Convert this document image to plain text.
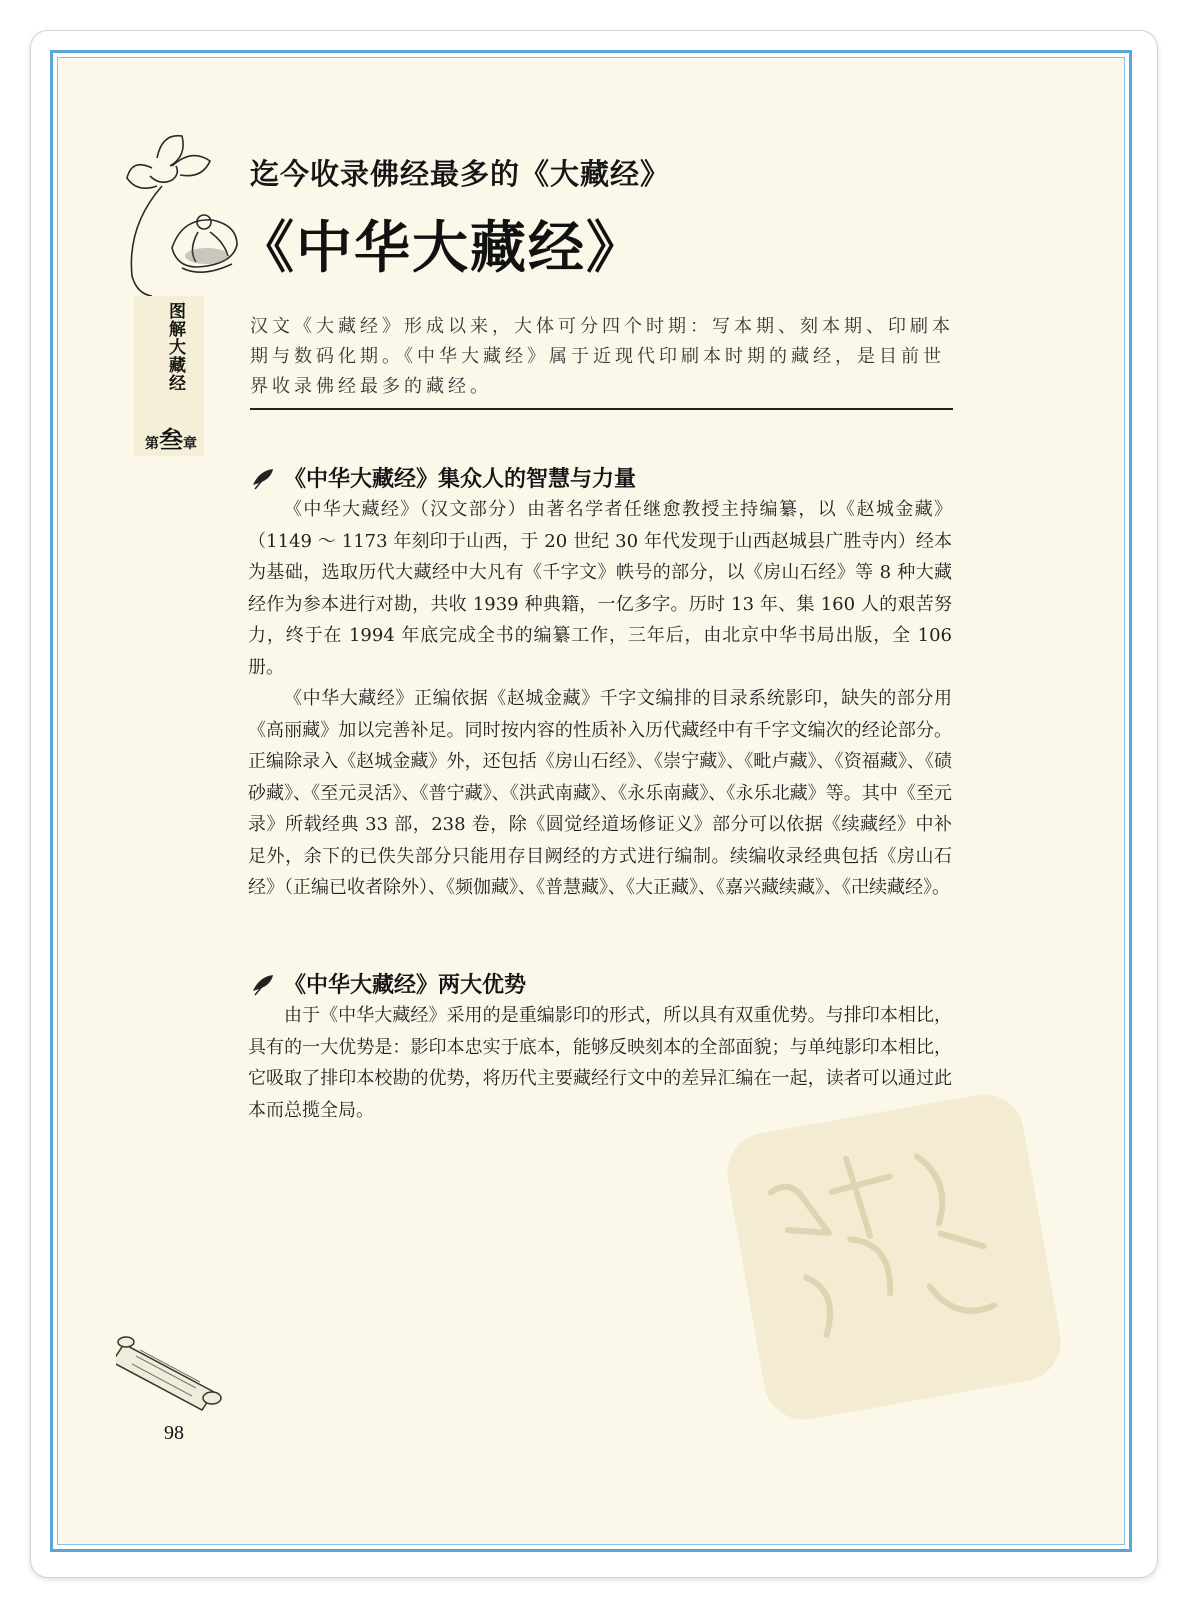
图解大藏经
第叁章
迄今收录佛经最多的《大藏经》
《中华大藏经》
汉文《大藏经》形成以来，大体可分四个时期：写本期、刻本期、印刷本期与数码化期。《中华大藏经》属于近现代印刷本时期的藏经，是目前世界收录佛经最多的藏经。
《中华大藏经》集众人的智慧与力量

《中华大藏经》（汉文部分）由著名学者任继愈教授主持编纂，以《赵城金藏》（1149 ～ 1173 年刻印于山西，于 20 世纪 30 年代发现于山西赵城县广胜寺内）经本为基础，选取历代大藏经中大凡有《千字文》帙号的部分，以《房山石经》等 8 种大藏经作为参本进行对勘，共收 1939 种典籍，一亿多字。历时 13 年、集 160 人的艰苦努力，终于在 1994 年底完成全书的编纂工作，三年后，由北京中华书局出版，全 106 册。

《中华大藏经》正编依据《赵城金藏》千字文编排的目录系统影印，缺失的部分用《高丽藏》加以完善补足。同时按内容的性质补入历代藏经中有千字文编次的经论部分。正编除录入《赵城金藏》外，还包括《房山石经》、《崇宁藏》、《毗卢藏》、《资福藏》、《碛砂藏》、《至元灵活》、《普宁藏》、《洪武南藏》、《永乐南藏》、《永乐北藏》等。其中《至元录》所载经典 33 部，238 卷，除《圆觉经道场修证义》部分可以依据《续藏经》中补足外，余下的已佚失部分只能用存目阙经的方式进行编制。续编收录经典包括《房山石经》（正编已收者除外）、《频伽藏》、《普慧藏》、《大正藏》、《嘉兴藏续藏》、《卍续藏经》。

《中华大藏经》两大优势

由于《中华大藏经》采用的是重编影印的形式，所以具有双重优势。与排印本相比，具有的一大优势是：影印本忠实于底本，能够反映刻本的全部面貌；与单纯影印本相比，它吸取了排印本校勘的优势，将历代主要藏经行文中的差异汇编在一起，读者可以通过此本而总揽全局。

98
